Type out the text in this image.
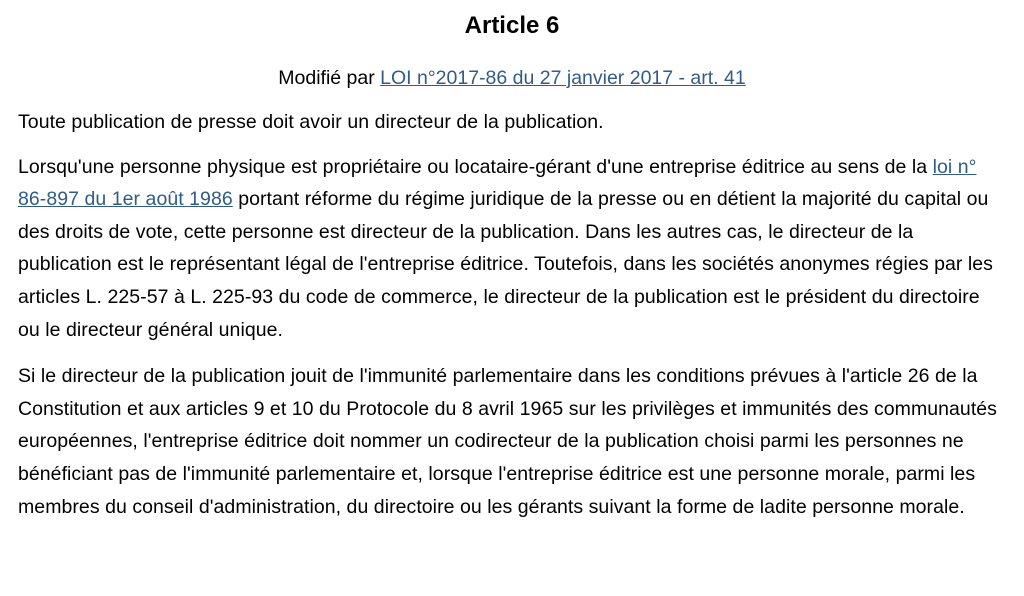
Article 6

Modifié par LOI n°2017-86 du 27 janvier 2017 - art. 41

Toute publication de presse doit avoir un directeur de la publication.

Lorsqu'une personne physique est propriétaire ou locataire-gérant d'une entreprise éditrice au sens de la loi n° 86-897 du 1er août 1986 portant réforme du régime juridique de la presse ou en détient la majorité du capital ou des droits de vote, cette personne est directeur de la publication. Dans les autres cas, le directeur de la publication est le représentant légal de l'entreprise éditrice. Toutefois, dans les sociétés anonymes régies par les articles L. 225-57 à L. 225-93 du code de commerce, le directeur de la publication est le président du directoire ou le directeur général unique.

Si le directeur de la publication jouit de l'immunité parlementaire dans les conditions prévues à l'article 26 de la Constitution et aux articles 9 et 10 du Protocole du 8 avril 1965 sur les privilèges et immunités des communautés européennes, l'entreprise éditrice doit nommer un codirecteur de la publication choisi parmi les personnes ne bénéficiant pas de l'immunité parlementaire et, lorsque l'entreprise éditrice est une personne morale, parmi les membres du conseil d'administration, du directoire ou les gérants suivant la forme de ladite personne morale.
